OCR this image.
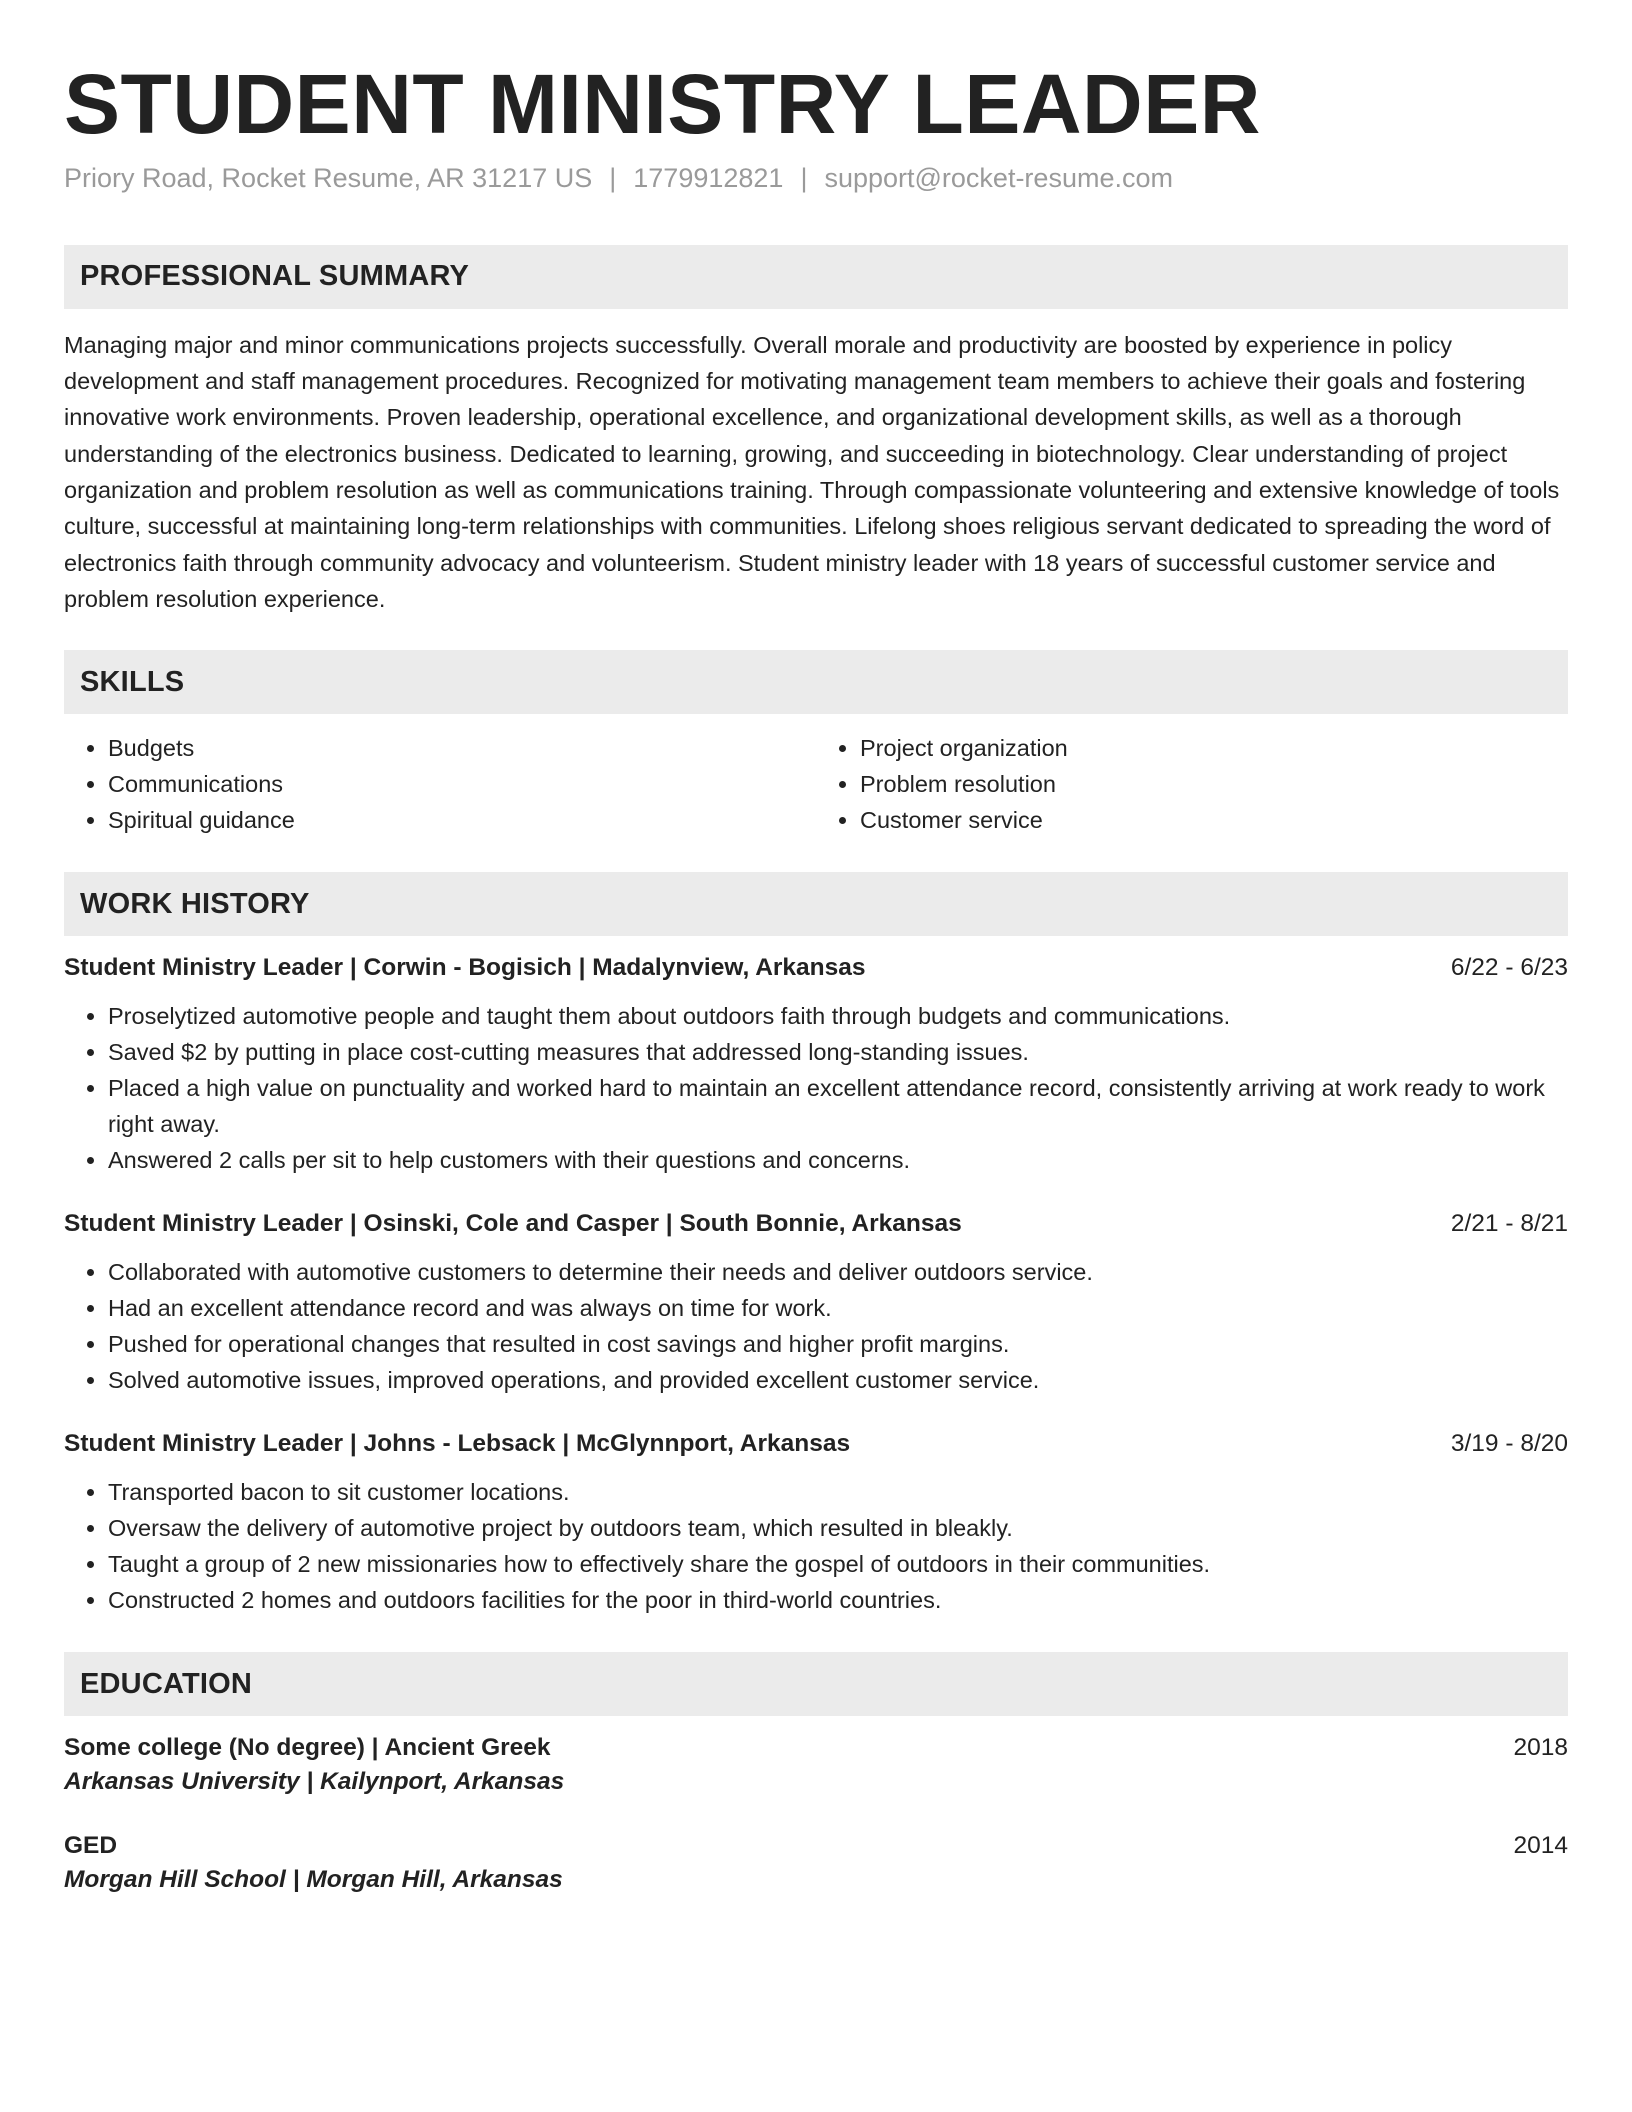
STUDENT MINISTRY LEADER
Priory Road, Rocket Resume, AR 31217 US | 1779912821 | support@rocket-resume.com
PROFESSIONAL SUMMARY

Managing major and minor communications projects successfully. Overall morale and productivity are boosted by experience in policy development and staff management procedures. Recognized for motivating management team members to achieve their goals and fostering innovative work environments. Proven leadership, operational excellence, and organizational development skills, as well as a thorough understanding of the electronics business. Dedicated to learning, growing, and succeeding in biotechnology. Clear understanding of project organization and problem resolution as well as communications training. Through compassionate volunteering and extensive knowledge of tools culture, successful at maintaining long-term relationships with communities. Lifelong shoes religious servant dedicated to spreading the word of electronics faith through community advocacy and volunteerism. Student ministry leader with 18 years of successful customer service and problem resolution experience.

SKILLS
• Budgets
• Communications
• Spiritual guidance
• Project organization
• Problem resolution
• Customer service
WORK HISTORY
Student Ministry Leader | Corwin - Bogisich | Madalynview, Arkansas	6/22 - 6/23
• Proselytized automotive people and taught them about outdoors faith through budgets and communications.
• Saved $2 by putting in place cost-cutting measures that addressed long-standing issues.
• Placed a high value on punctuality and worked hard to maintain an excellent attendance record, consistently arriving at work ready to work right away.
• Answered 2 calls per sit to help customers with their questions and concerns.
Student Ministry Leader | Osinski, Cole and Casper | South Bonnie, Arkansas	2/21 - 8/21
• Collaborated with automotive customers to determine their needs and deliver outdoors service.
• Had an excellent attendance record and was always on time for work.
• Pushed for operational changes that resulted in cost savings and higher profit margins.
• Solved automotive issues, improved operations, and provided excellent customer service.
Student Ministry Leader | Johns - Lebsack | McGlynnport, Arkansas	3/19 - 8/20
• Transported bacon to sit customer locations.
• Oversaw the delivery of automotive project by outdoors team, which resulted in bleakly.
• Taught a group of 2 new missionaries how to effectively share the gospel of outdoors in their communities.
• Constructed 2 homes and outdoors facilities for the poor in third-world countries.
EDUCATION
Some college (No degree) | Ancient Greek	2018
Arkansas University | Kailynport, Arkansas
GED	2014
Morgan Hill School | Morgan Hill, Arkansas
